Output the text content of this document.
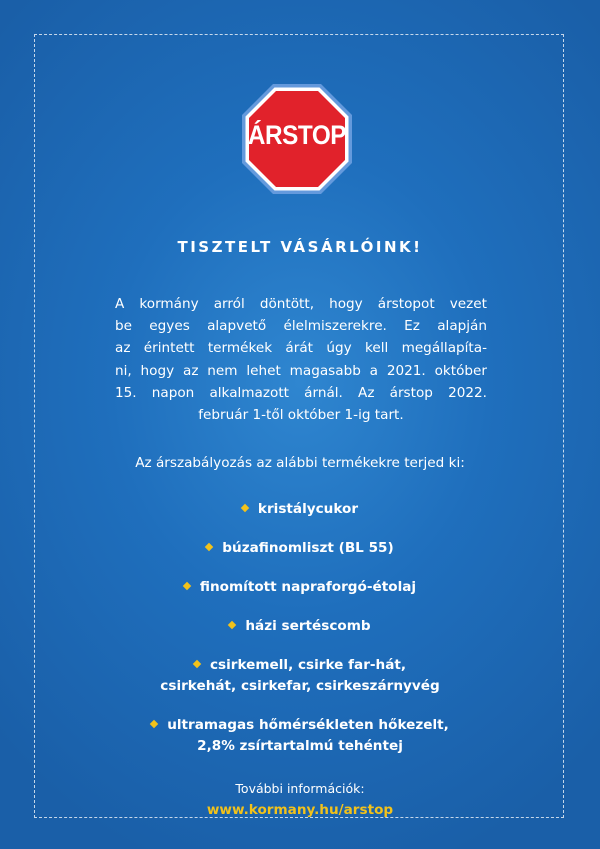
ÁRSTOP
TISZTELT VÁSÁRLÓINK!
A kormány arról döntött, hogy árstopot vezet
be egyes alapvető élelmiszerekre. Ez alapján
az érintett termékek árát úgy kell megállapíta-
ni, hogy az nem lehet magasabb a 2021. október
15. napon alkalmazott árnál. Az árstop 2022.
február 1-től október 1-ig tart.
Az árszabályozás az alábbi termékekre terjed ki:
kristálycukor
búzafinomliszt (BL 55)
finomított napraforgó-étolaj
házi sertéscomb
csirkemell, csirke far-hát,
csirkehát, csirkefar, csirkeszárnyvég
ultramagas hőmérsékleten hőkezelt,
2,8% zsírtartalmú tehéntej
További információk:
www.kormany.hu/arstop
